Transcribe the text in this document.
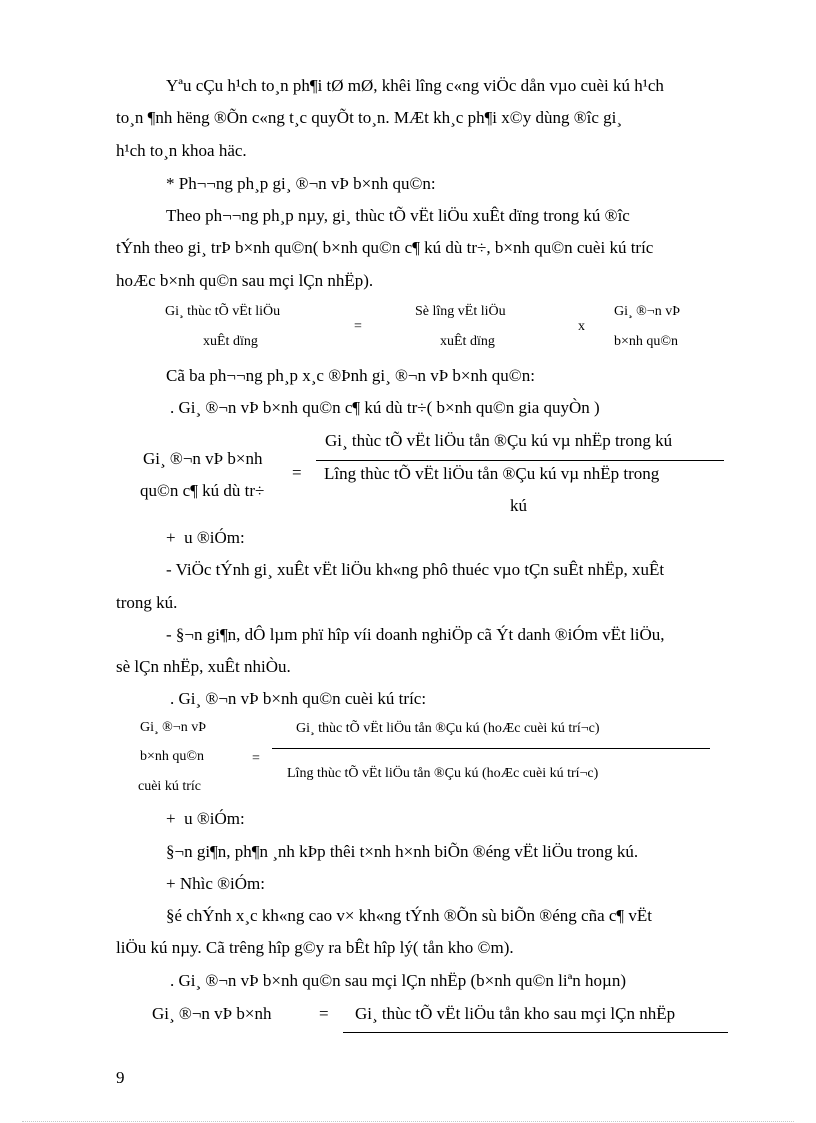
Yªu cÇu h¹ch to¸n ph¶i tØ mØ, khêi lîng c«ng viÖc dån vµo cuèi kú h¹ch
to¸n ¶nh hëng ®Õn c«ng t¸c quyÕt to¸n. MÆt kh¸c ph¶i x©y dùng ®îc gi¸
h¹ch to¸n khoa häc.
* Ph¬¬ng ph¸p gi¸ ®¬n vÞ b×nh qu©n:
Theo ph¬¬ng ph¸p nµy, gi¸ thùc tÕ vËt liÖu xuÊt dïng trong kú ®îc
tÝnh theo gi¸ trÞ b×nh qu©n( b×nh qu©n c¶ kú dù tr÷, b×nh qu©n cuèi kú tríc
hoÆc b×nh qu©n sau mçi lÇn nhËp).
Gi¸ thùc tÕ vËt liÖu
xuÊt dïng
=
Sè lîng vËt liÖu
xuÊt dïng
x
Gi¸ ®¬n vÞ
b×nh qu©n
Cã ba ph¬¬ng ph¸p x¸c ®Þnh gi¸ ®¬n vÞ b×nh qu©n:
. Gi¸ ®¬n vÞ b×nh qu©n c¶ kú dù tr÷( b×nh qu©n gia quyÒn )
Gi¸ ®¬n vÞ b×nh
qu©n c¶ kú dù tr÷
=
Gi¸ thùc tÕ vËt liÖu tån ®Çu kú vµ nhËp trong kú
Lîng thùc tÕ vËt liÖu tån ®Çu kú vµ nhËp trong
kú
+  u ®iÓm:
- ViÖc tÝnh gi¸ xuÊt vËt liÖu kh«ng phô thuéc vµo tÇn suÊt nhËp, xuÊt
trong kú.
- §¬n gi¶n, dÔ lµm phï hîp víi doanh nghiÖp cã Ýt danh ®iÓm vËt liÖu,
sè lÇn nhËp, xuÊt nhiÒu.
. Gi¸ ®¬n vÞ b×nh qu©n cuèi kú tríc:
Gi¸ ®¬n vÞ
b×nh qu©n
cuèi kú tríc
=
Gi¸ thùc tÕ vËt liÖu tån ®Çu kú (hoÆc cuèi kú trí¬c)
Lîng thùc tÕ vËt liÖu tån ®Çu kú (hoÆc cuèi kú trí¬c)
+  u ®iÓm:
§¬n gi¶n, ph¶n ¸nh kÞp thêi t×nh h×nh biÕn ®éng vËt liÖu trong kú.
+ Nhìc ®iÓm:
§é chÝnh x¸c kh«ng cao v× kh«ng tÝnh ®Õn sù biÕn ®éng cña c¶ vËt
liÖu kú nµy. Cã trêng hîp g©y ra bÊt hîp lý( tån kho ©m).
. Gi¸ ®¬n vÞ b×nh qu©n sau mçi lÇn nhËp (b×nh qu©n liªn hoµn)
Gi¸ ®¬n vÞ b×nh	= Gi¸ thùc tÕ vËt liÖu tån kho sau mçi lÇn nhËp
9
